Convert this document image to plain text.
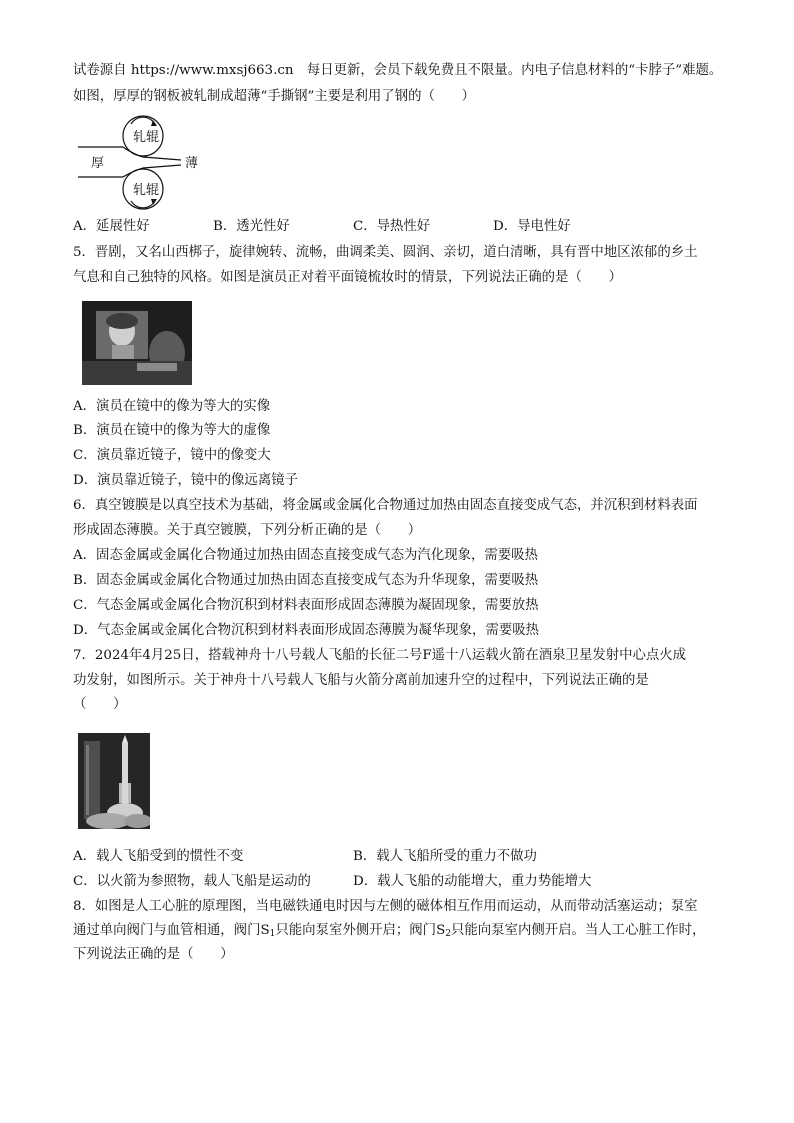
试卷源自 https://www.mxsj663.cn　每日更新，会员下载免费且不限量。内电子信息材料的“卡脖子”难题。
如图，厚厚的钢板被轧制成超薄“手撕钢”主要是利用了钢的（　　）
轧辊
轧辊
厚	薄
A．延展性好	B．透光性好	C．导热性好	D．导电性好
5．晋剧，又名山西梆子，旋律婉转、流畅，曲调柔美、圆润、亲切，道白清晰，具有晋中地区浓郁的乡土
气息和自己独特的风格。如图是演员正对着平面镜梳妆时的情景，下列说法正确的是（　　）
A．演员在镜中的像为等大的实像
B．演员在镜中的像为等大的虚像
C．演员靠近镜子，镜中的像变大
D．演员靠近镜子，镜中的像远离镜子
6．真空镀膜是以真空技术为基础，将金属或金属化合物通过加热由固态直接变成气态，并沉积到材料表面
形成固态薄膜。关于真空镀膜，下列分析正确的是（　　）
A．固态金属或金属化合物通过加热由固态直接变成气态为汽化现象，需要吸热
B．固态金属或金属化合物通过加热由固态直接变成气态为升华现象，需要吸热
C．气态金属或金属化合物沉积到材料表面形成固态薄膜为凝固现象，需要放热
D．气态金属或金属化合物沉积到材料表面形成固态薄膜为凝华现象，需要吸热
7．2024年4月25日，搭载神舟十八号载人飞船的长征二号F遥十八运载火箭在酒泉卫星发射中心点火成
功发射，如图所示。关于神舟十八号载人飞船与火箭分离前加速升空的过程中，下列说法正确的是
（　　）
A．载人飞船受到的惯性不变	B．载人飞船所受的重力不做功
C．以火箭为参照物，载人飞船是运动的	D．载人飞船的动能增大，重力势能增大
8．如图是人工心脏的原理图，当电磁铁通电时因与左侧的磁体相互作用而运动，从而带动活塞运动；泵室
通过单向阀门与血管相通，阀门$S_1$只能向泵室外侧开启；阀门$S_2$只能向泵室内侧开启。当人工心脏工作时，
下列说法正确的是（　　）
